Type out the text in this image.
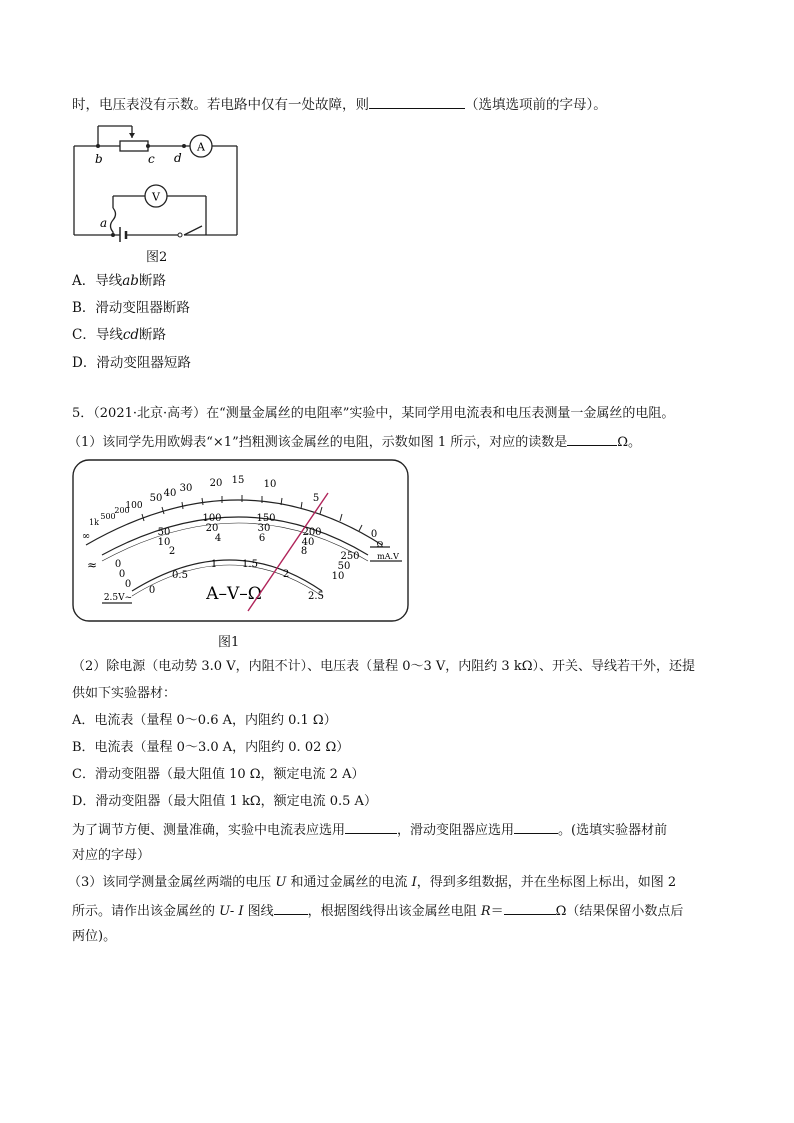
时，电压表没有示数。若电路中仅有一处故障，则	（选填选项前的字母）。
A
V
b	c d
a
图2
A．导线ab断路
B．滑动变阻器断路
C．导线cd断路
D．滑动变阻器短路
5．（2021·北京·高考）在“测量金属丝的电阻率”实验中，某同学用电流表和电压表测量一金属丝的电阻。
（1）该同学先用欧姆表“×1”挡粗测该金属丝的电阻，示数如图 1 所示，对应的读数是	Ω。
∞
1k
500
200
100
50 40 30 20 15 10
5
0
Ω
0
50
100	150
200
250
0
10
20	30
40
50
0
2
4	6
8
10
mA.V
≈
0
0.5
1 1.5
2
2.5
2.5V~	A–V–Ω
图1
（2）除电源（电动势 3.0 V，内阻不计）、电压表（量程 0～3 V，内阻约 3 kΩ）、开关、导线若干外，还提
供如下实验器材：
A．电流表（量程 0～0.6 A，内阻约 0.1 Ω）
B．电流表（量程 0～3.0 A，内阻约 0. 02 Ω）
C．滑动变阻器（最大阻值 10 Ω，额定电流 2 A）
D．滑动变阻器（最大阻值 1 kΩ，额定电流 0.5 A）
为了调节方便、测量准确，实验中电流表应选用	，滑动变阻器应选用	。(选填实验器材前
对应的字母）
（3）该同学测量金属丝两端的电压 U 和通过金属丝的电流 I，得到多组数据，并在坐标图上标出，如图 2
所示。请作出该金属丝的 U- I 图线	，根据图线得出该金属丝电阻 R＝	Ω（结果保留小数点后
两位)。
